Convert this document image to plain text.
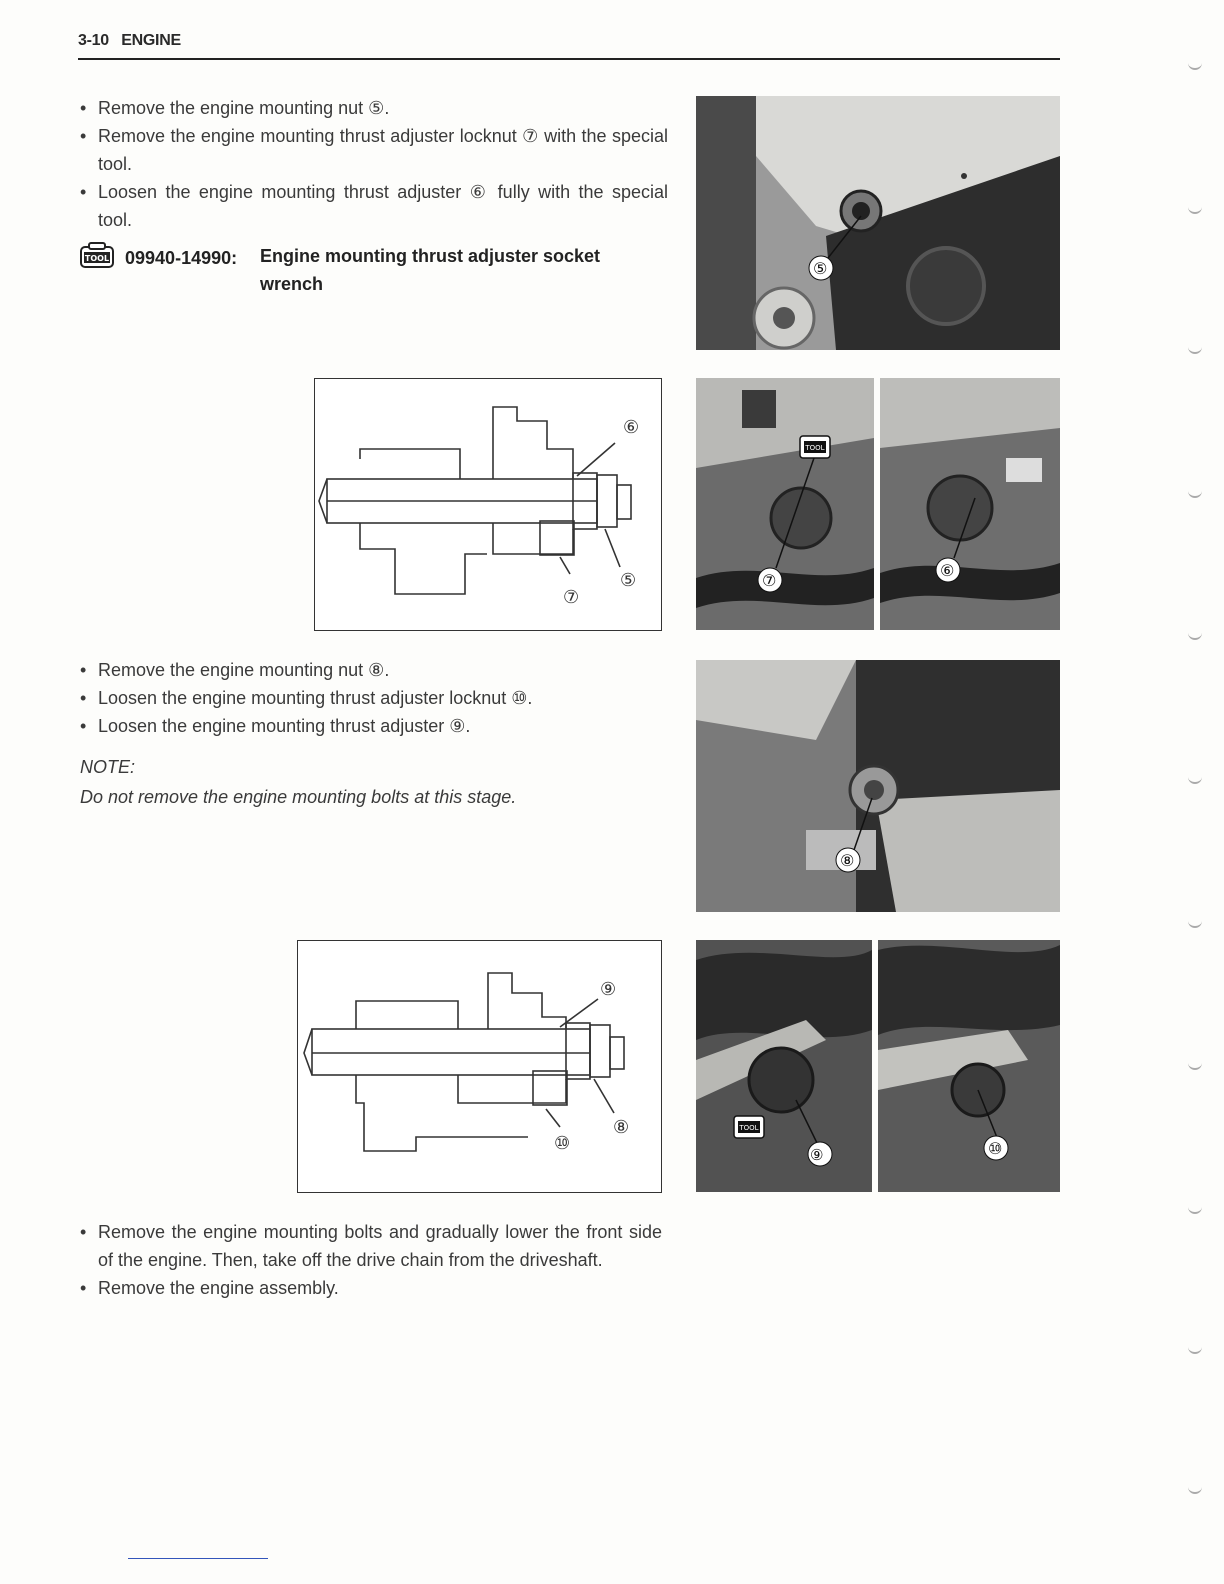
3-10 ENGINE
• Remove the engine mounting nut ⑤.
• Remove the engine mounting thrust adjuster locknut ⑦ with the special tool.
• Loosen the engine mounting thrust adjuster ⑥ fully with the special tool.
TOOL 09940-14990: Engine mounting thrust adjuster socket wrench
⑥
⑦
⑤
⑤
TOOL
⑦
⑥
• Remove the engine mounting nut ⑧.
• Loosen the engine mounting thrust adjuster locknut ⑩.
• Loosen the engine mounting thrust adjuster ⑨.
NOTE:
Do not remove the engine mounting bolts at this stage.
⑧
⑨
⑧
⑩
TOOL
⑨	⑩
• Remove the engine mounting bolts and gradually lower the front side of the engine. Then, take off the drive chain from the driveshaft.
• Remove the engine assembly.
